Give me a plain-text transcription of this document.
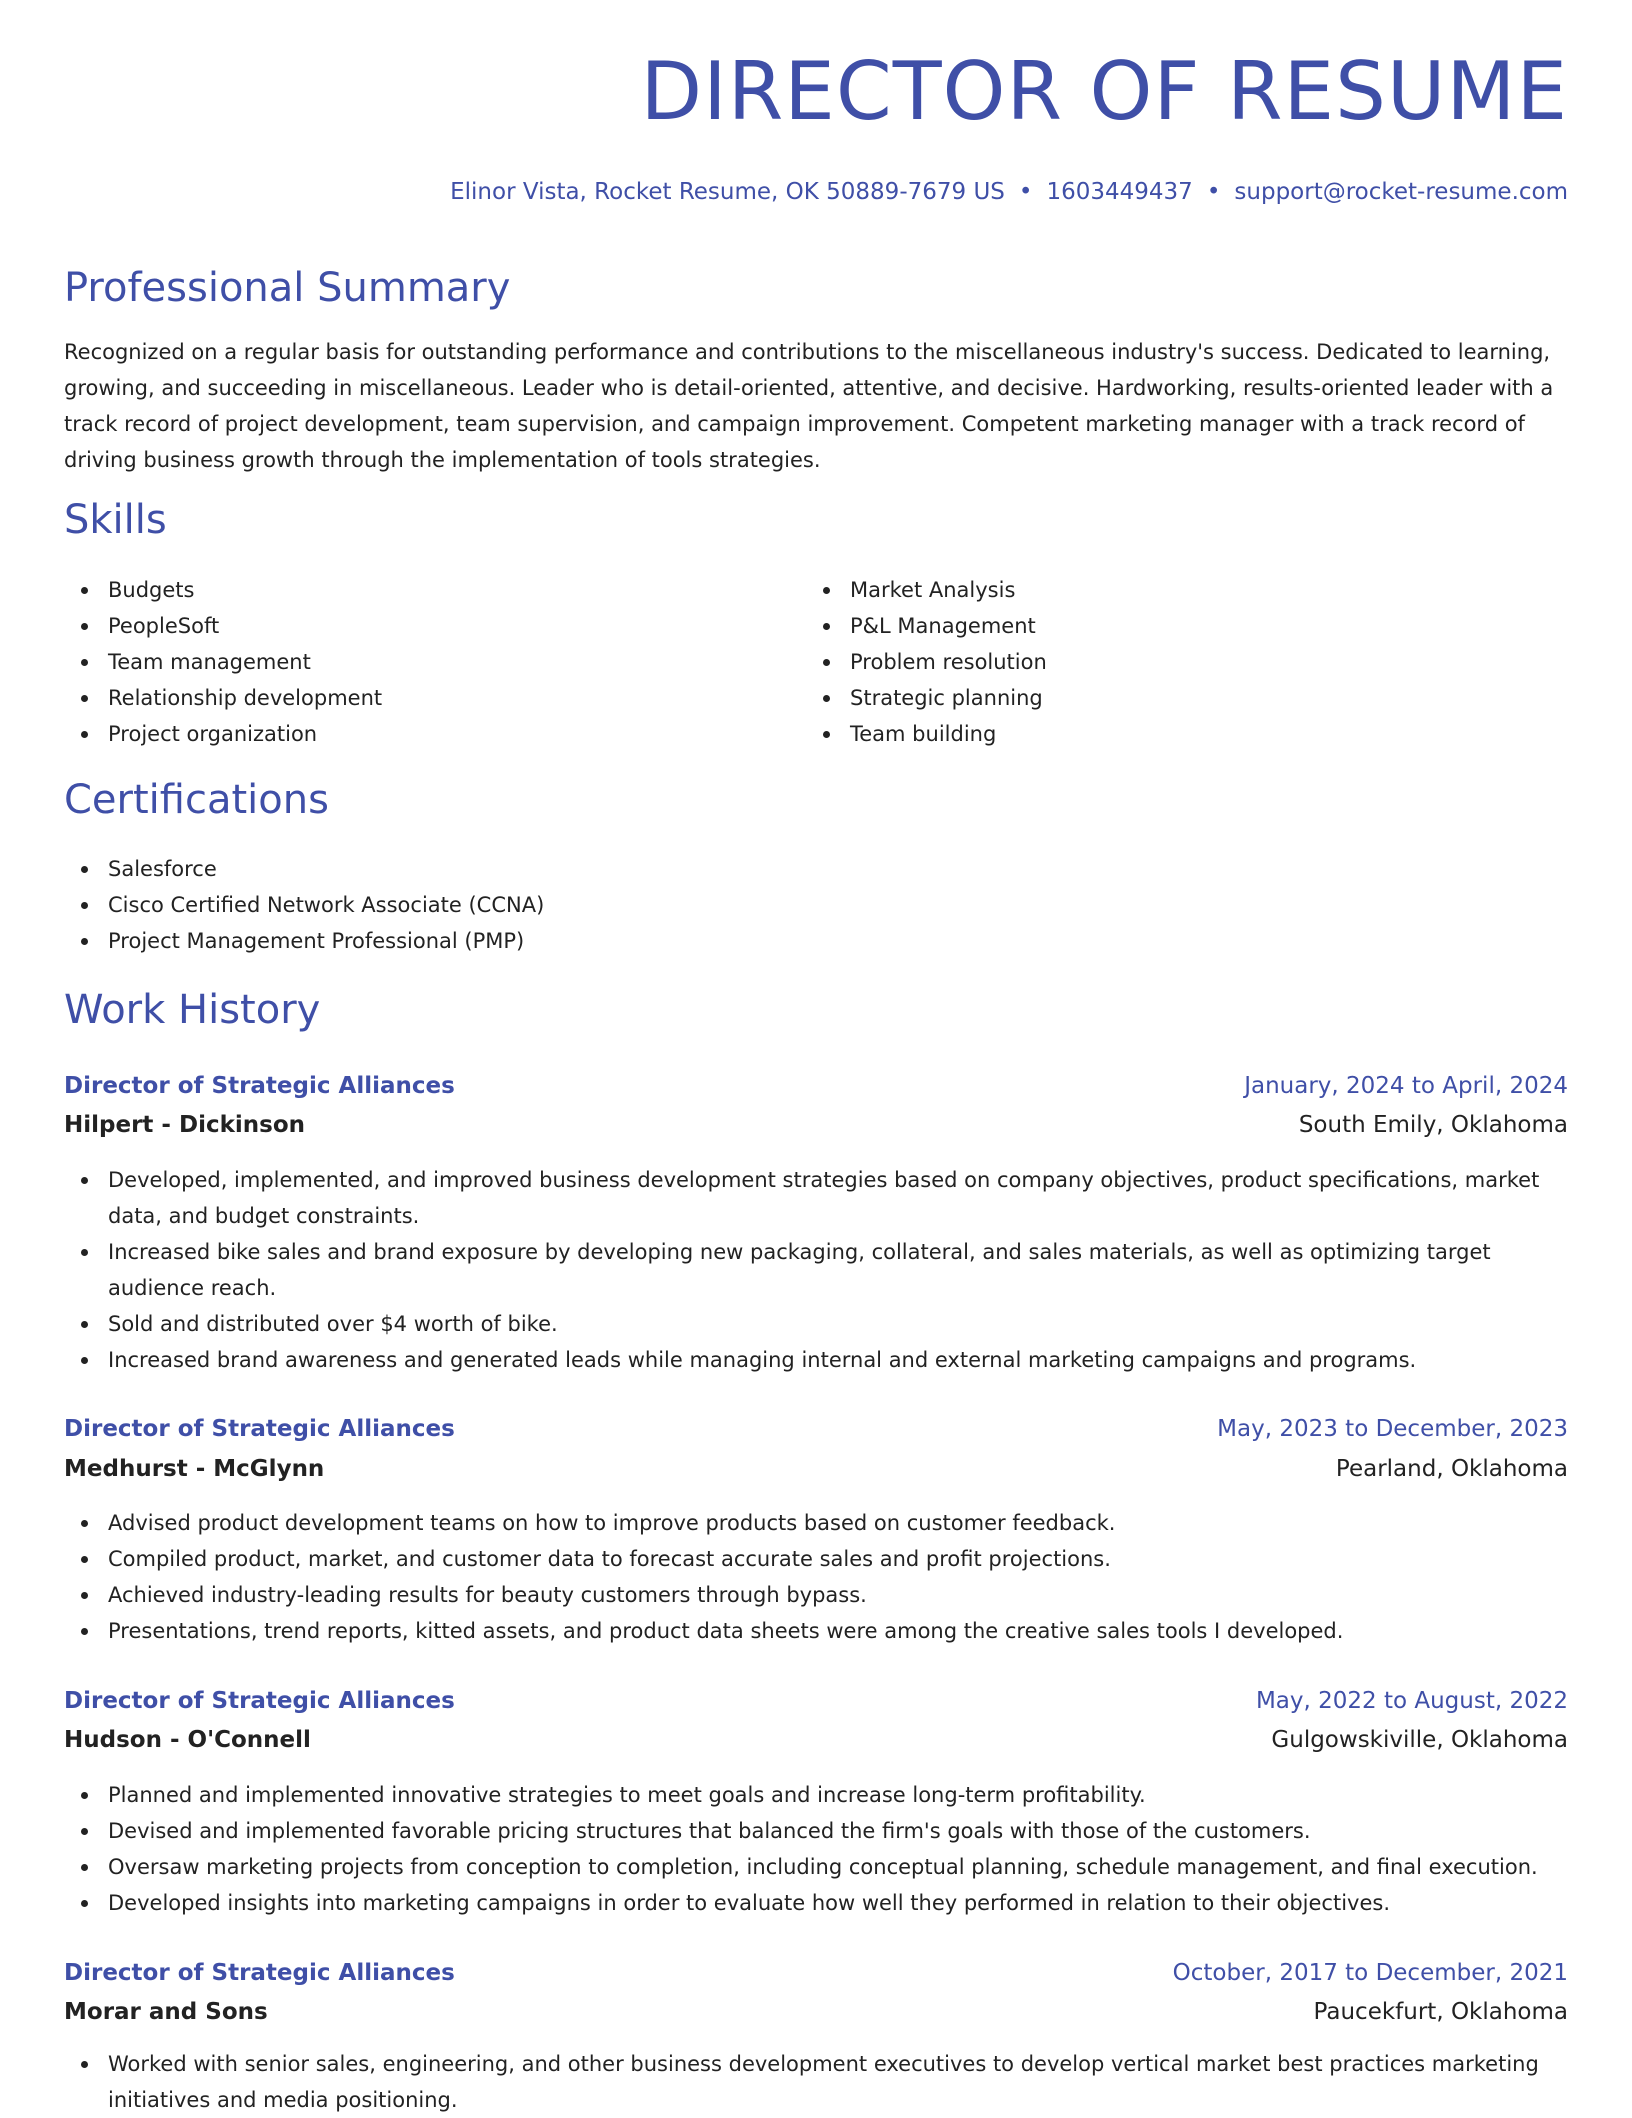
DIRECTOR OF RESUME
Elinor Vista, Rocket Resume, OK 50889-7679 US • 1603449437 • support@rocket-resume.com
Professional Summary

Recognized on a regular basis for outstanding performance and contributions to the miscellaneous industry's success. Dedicated to learning, growing, and succeeding in miscellaneous. Leader who is detail-oriented, attentive, and decisive. Hardworking, results-oriented leader with a track record of project development, team supervision, and campaign improvement. Competent marketing manager with a track record of driving business growth through the implementation of tools strategies.

Skills
Budgets
PeopleSoft
Team management
Relationship development
Project organization
Market Analysis
P&L Management
Problem resolution
Strategic planning
Team building
Certifications
Salesforce
Cisco Certified Network Associate (CCNA)
Project Management Professional (PMP)
Work History
Director of Strategic Alliances	January, 2024 to April, 2024
Hilpert - Dickinson	South Emily, Oklahoma
Developed, implemented, and improved business development strategies based on company objectives, product specifications, market data, and budget constraints.
Increased bike sales and brand exposure by developing new packaging, collateral, and sales materials, as well as optimizing target audience reach.
Sold and distributed over $4 worth of bike.
Increased brand awareness and generated leads while managing internal and external marketing campaigns and programs.
Director of Strategic Alliances	May, 2023 to December, 2023
Medhurst - McGlynn	Pearland, Oklahoma
Advised product development teams on how to improve products based on customer feedback.
Compiled product, market, and customer data to forecast accurate sales and profit projections.
Achieved industry-leading results for beauty customers through bypass.
Presentations, trend reports, kitted assets, and product data sheets were among the creative sales tools I developed.
Director of Strategic Alliances	May, 2022 to August, 2022
Hudson - O'Connell	Gulgowskiville, Oklahoma
Planned and implemented innovative strategies to meet goals and increase long-term profitability.
Devised and implemented favorable pricing structures that balanced the firm's goals with those of the customers.
Oversaw marketing projects from conception to completion, including conceptual planning, schedule management, and final execution.
Developed insights into marketing campaigns in order to evaluate how well they performed in relation to their objectives.
Director of Strategic Alliances	October, 2017 to December, 2021
Morar and Sons	Paucekfurt, Oklahoma
Worked with senior sales, engineering, and other business development executives to develop vertical market best practices marketing initiatives and media positioning.
